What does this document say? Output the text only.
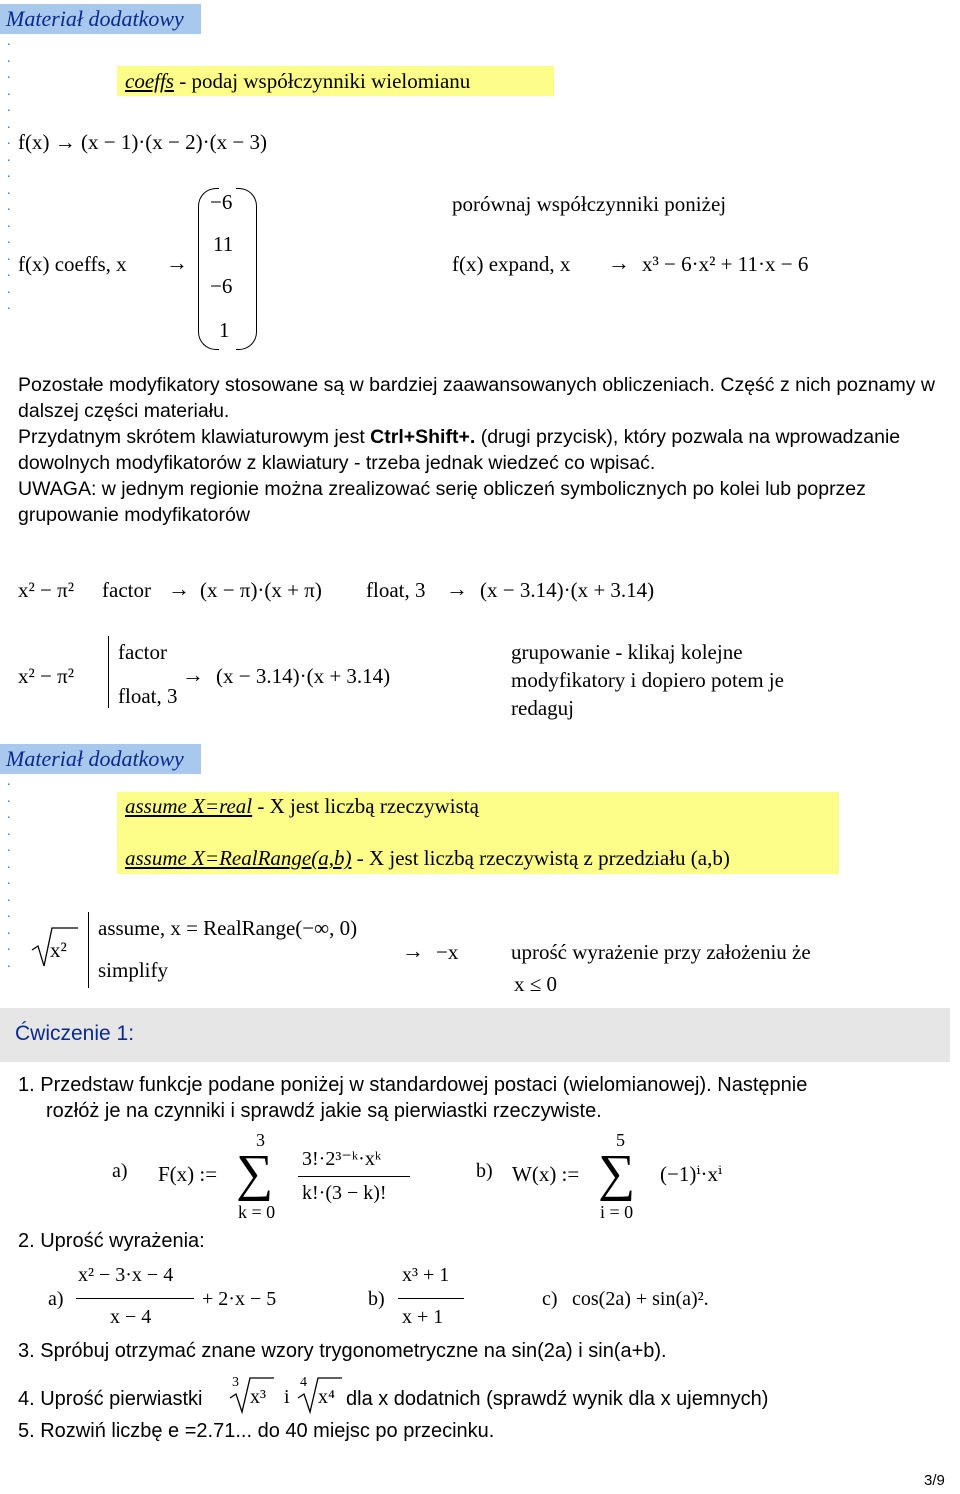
Materiał dodatkowy
.
.
.
.
.
.
.
.
.
.
.
.
.
.
.
.
.
coeffs - podaj współczynniki wielomianu
f(x) → (x − 1)·(x − 2)·(x − 3)
f(x) coeffs, x →
−6
11
−6
1
porównaj współczynniki poniżej
f(x) expand, x → x³ − 6·x² + 11·x − 6
Pozostałe modyfikatory stosowane są w bardziej zaawansowanych obliczeniach. Część z nich poznamy w dalszej części materiału.
Przydatnym skrótem klawiaturowym jest Ctrl+Shift+. (drugi przycisk), który pozwala na wprowadzanie dowolnych modyfikatorów z klawiatury - trzeba jednak wiedzeć co wpisać.
UWAGA: w jednym regionie można zrealizować serię obliczeń symbolicznych po kolei lub poprzez grupowanie modyfikatorów
x² − π² factor → (x − π)·(x + π) float, 3 → (x − 3.14)·(x + 3.14)
x² − π²
factor
float, 3
→ (x − 3.14)·(x + 3.14)
grupowanie - klikaj kolejne modyfikatory i dopiero potem je redaguj
Materiał dodatkowy
.
.
.
.
.
.
.
.
.
.
.
.
assume X=real - X jest liczbą rzeczywistą
assume X=RealRange(a,b) - X jest liczbą rzeczywistą z przedziału (a,b)
x²
assume, x = RealRange(−∞, 0)
simplify
→ −x	uprość wyrażenie przy założeniu że
x ≤ 0
Ćwiczenie 1:
1. Przedstaw funkcje podane poniżej w standardowej postaci (wielomianowej). Następnie
rozłóż je na czynniki i sprawdź jakie są pierwiastki rzeczywiste.
a) F(x) :=
3
∑
k = 0
3!·2³⁻ᵏ·xᵏ
k!·(3 − k)!
b) W(x) :=
5
∑
i = 0
(−1)ⁱ·xⁱ
2. Uprość wyrażenia:
a)
x² − 3·x − 4
x − 4
+ 2·x − 5	b)
x³ + 1
x + 1
c) cos(2a) + sin(a)².
3. Spróbuj otrzymać znane wzory trygonometryczne na sin(2a) i sin(a+b).
4. Uprość pierwiastki
3
x³ i
4
x⁴ dla x dodatnich (sprawdź wynik dla x ujemnych)
5. Rozwiń liczbę e =2.71... do 40 miejsc po przecinku.
3/9
